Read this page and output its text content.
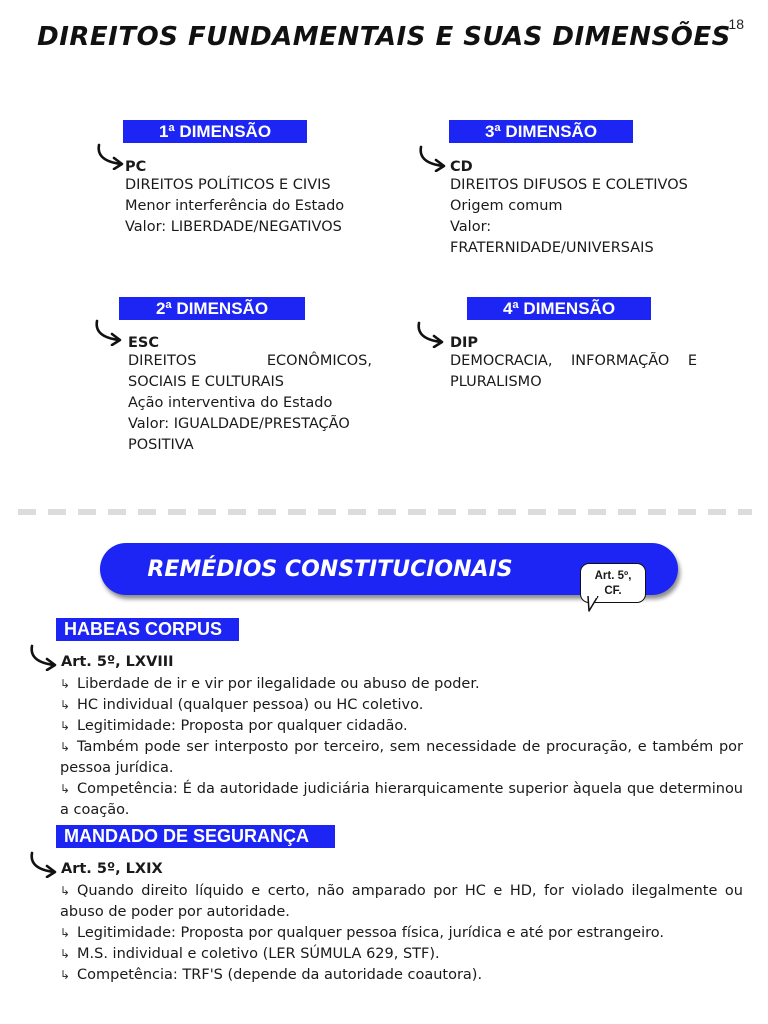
18
DIREITOS FUNDAMENTAIS E SUAS DIMENSÕES
1ª DIMENSÃO
PC
DIREITOS POLÍTICOS E CIVIS
Menor interferência do Estado
Valor: LIBERDADE/NEGATIVOS
3ª DIMENSÃO
CD
DIREITOS DIFUSOS E COLETIVOS
Origem comum
Valor:
FRATERNIDADE/UNIVERSAIS
2ª DIMENSÃO
ESC
DIREITOS	ECONÔMICOS,
SOCIAIS E CULTURAIS
Ação interventiva do Estado
Valor: IGUALDADE/PRESTAÇÃO
POSITIVA
4ª DIMENSÃO
DIP
DEMOCRACIA, INFORMAÇÃO E
PLURALISMO
REMÉDIOS CONSTITUCIONAIS	Art. 5º,
CF.
HABEAS CORPUS
Art. 5º, LXVIII

↳ Liberdade de ir e vir por ilegalidade ou abuso de poder.

↳ HC individual (qualquer pessoa) ou HC coletivo.

↳ Legitimidade: Proposta por qualquer cidadão.

↳ Também pode ser interposto por terceiro, sem necessidade de procuração, e também por pessoa jurídica.

↳ Competência: É da autoridade judiciária hierarquicamente superior àquela que determinou a coação.

MANDADO DE SEGURANÇA
Art. 5º, LXIX

↳ Quando direito líquido e certo, não amparado por HC e HD, for violado ilegalmente ou abuso de poder por autoridade.

↳ Legitimidade: Proposta por qualquer pessoa física, jurídica e até por estrangeiro.

↳ M.S. individual e coletivo (LER SÚMULA 629, STF).

↳ Competência: TRF'S (depende da autoridade coautora).
